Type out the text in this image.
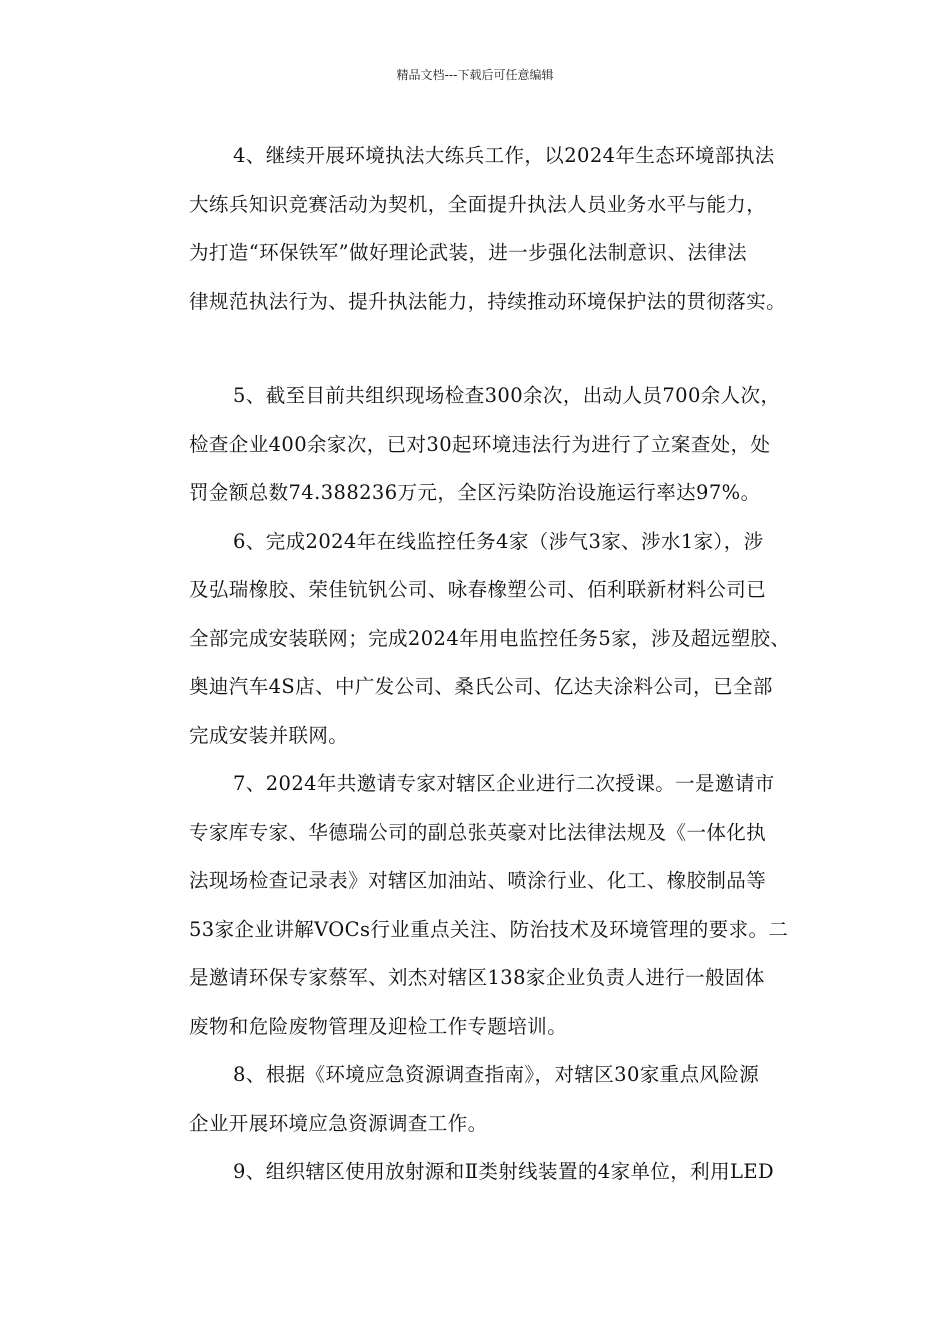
精品文档---下载后可任意编辑
4、继续开展环境执法大练兵工作，以2024年生态环境部执法
大练兵知识竞赛活动为契机，全面提升执法人员业务水平与能力，
为打造“环保铁军”做好理论武装，进一步强化法制意识、法律法
律规范执法行为、提升执法能力，持续推动环境保护法的贯彻落实。
5、截至目前共组织现场检查300余次，出动人员700余人次，
检查企业400余家次，已对30起环境违法行为进行了立案查处，处
罚金额总数74.388236万元，全区污染防治设施运行率达97%。
6、完成2024年在线监控任务4家（涉气3家、涉水1家），涉
及弘瑞橡胶、荣佳钪钒公司、咏春橡塑公司、佰利联新材料公司已
全部完成安装联网；完成2024年用电监控任务5家，涉及超远塑胶、
奥迪汽车4S店、中广发公司、桑氏公司、亿达夫涂料公司，已全部
完成安装并联网。
7、2024年共邀请专家对辖区企业进行二次授课。一是邀请市
专家库专家、华德瑞公司的副总张英豪对比法律法规及《一体化执
法现场检查记录表》对辖区加油站、喷涂行业、化工、橡胶制品等
53家企业讲解VOCs行业重点关注、防治技术及环境管理的要求。二
是邀请环保专家蔡军、刘杰对辖区138家企业负责人进行一般固体
废物和危险废物管理及迎检工作专题培训。
8、根据《环境应急资源调查指南》，对辖区30家重点风险源
企业开展环境应急资源调查工作。
9、组织辖区使用放射源和Ⅱ类射线装置的4家单位，利用LED
